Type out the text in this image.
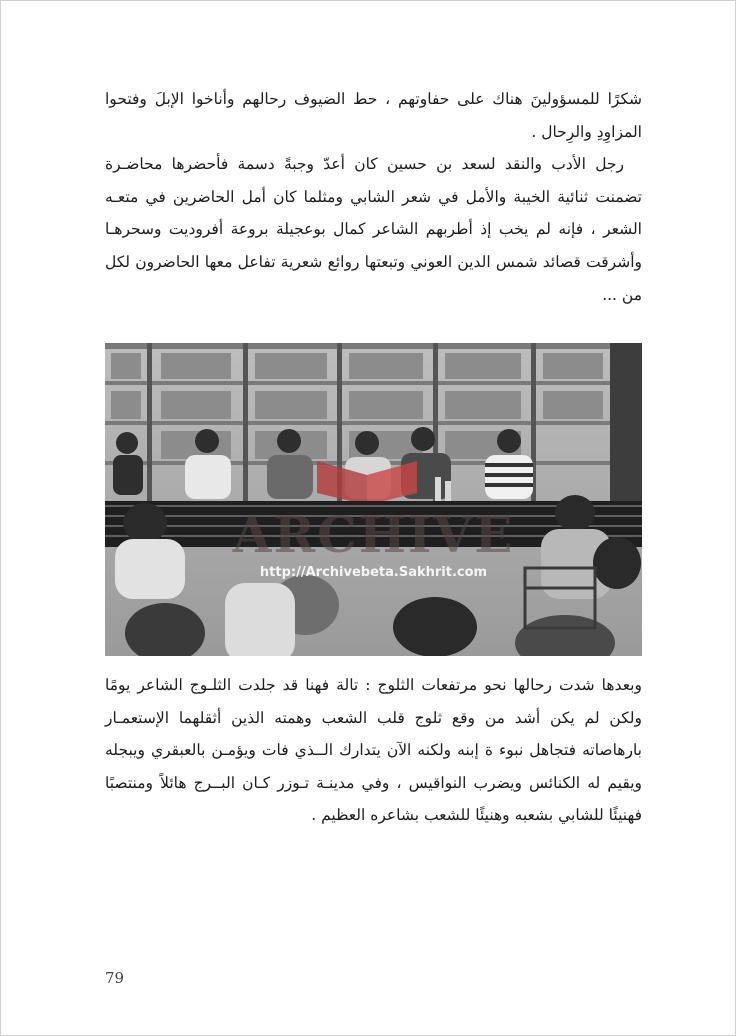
شكرًا للمسؤولينَ هناك على حفاوتهم ، حط الضيوف رحالهم وأناخوا الإبلَ وفتحوا المزاوِدِ والرِحال .

رجل الأدب والنقد لسعد بن حسين كان أعدّ وجبةً دسمة فأحضرها محاضـرة تضمنت ثنائية الخيبة والأمل في شعر الشابي ومثلما كان أمل الحاضرين في متعـه الشعر ، فإنه لم يخب إذ أطربهم الشاعر كمال بوعجيلة بروعة أفروديت وسحرهـا وأشرقت قصائد شمس الدين العوني وتبعتها روائع شعرية تفاعل معها الحاضرون لكل من ...

ARCHIVE
http://Archivebeta.Sakhrit.com

وبعدها شدت رحالها نحو مرتفعات الثلوج : تالة فهنا قد جلدت الثلـوج الشاعر يومًا ولكن لم يكن أشد من وقع ثلوج قلب الشعب وهمته الذين أثقلهما الإستعمـار بارهاصاته فتجاهل نبوء ة إبنه ولكنه الآن يتدارك الــذي فات ويؤمـن بالعبقري ويبجله ويقيم له الكنائس ويضرب النواقيس ، وفي مدينـة تـوزر كـان البــرج هائلاً ومنتصبًا فهنيئًا للشابي بشعبه وهنيئًا للشعب بشاعره العظيم .

79
